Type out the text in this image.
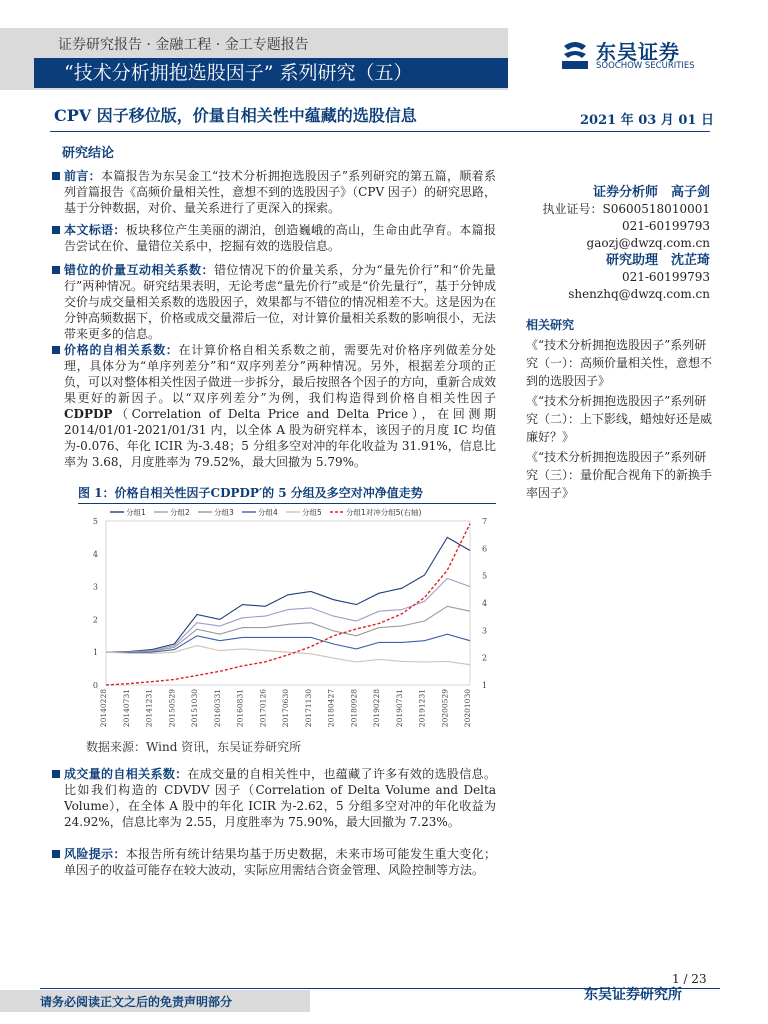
证券研究报告 · 金融工程 · 金工专题报告
“技术分析拥抱选股因子” 系列研究（五）
东吴证券
SOOCHOW SECURITIES
CPV 因子移位版，价量自相关性中蕴藏的选股信息	2021 年 03 月 01 日
研究结论
前言：本篇报告为东吴金工“技术分析拥抱选股因子”系列研究的第五篇，顺着系列首篇报告《高频价量相关性，意想不到的选股因子》（CPV 因子）的研究思路，基于分钟数据，对价、量关系进行了更深入的探索。
本文标语：板块移位产生美丽的湖泊，创造巍峨的高山，生命由此孕育。本篇报告尝试在价、量错位关系中，挖掘有效的选股信息。
错位的价量互动相关系数：错位情况下的价量关系，分为“量先价行”和“价先量行”两种情况。研究结果表明，无论考虑“量先价行”或是“价先量行”，基于分钟成交价与成交量相关系数的选股因子，效果都与不错位的情况相差不大。这是因为在分钟高频数据下，价格或成交量滞后一位，对计算价量相关系数的影响很小，无法带来更多的信息。
价格的自相关系数：在计算价格自相关系数之前，需要先对价格序列做差分处理，具体分为“单序列差分”和“双序列差分”两种情况。另外，根据差分项的正负，可以对整体相关性因子做进一步拆分，最后按照各个因子的方向，重新合成效果更好的新因子。以“双序列差分”为例，我们构造得到价格自相关性因子CDPDP（Correlation of Delta Price and Delta Price），在回测期 2014/01/01-2021/01/31 内，以全体 A 股为研究样本，该因子的月度 IC 均值为-0.076、年化 ICIR 为-3.48；5 分组多空对冲的年化收益为 31.91%，信息比率为 3.68，月度胜率为 79.52%，最大回撤为 5.79%。
图 1：价格自相关性因子CDPDP′的 5 分组及多空对冲净值走势
0
1
2
3
4
5
1
2
3
4
5
6
7
20140228 20140731 20141231 20150529 20151030 20160331 20160831 20170126 20170630 20171130 20180427 20180928 20190228 20190731 20191231 20200529 20201030
分组1	分组2	分组3	分组4	分组5	分组1对冲分组5(右轴)
数据来源：Wind 资讯，东吴证券研究所
成交量的自相关系数：在成交量的自相关性中，也蕴藏了许多有效的选股信息。比如我们构造的 CDVDV 因子（Correlation of Delta Volume and Delta Volume），在全体 A 股中的年化 ICIR 为-2.62，5 分组多空对冲的年化收益为 24.92%，信息比率为 2.55，月度胜率为 75.90%，最大回撤为 7.23%。
风险提示：本报告所有统计结果均基于历史数据，未来市场可能发生重大变化；单因子的收益可能存在较大波动，实际应用需结合资金管理、风险控制等方法。
证券分析师　高子剑
执业证号：S0600518010001
021-60199793
gaozj@dwzq.com.cn
研究助理　沈芷琦
021-60199793
shenzhq@dwzq.com.cn
相关研究
《“技术分析拥抱选股因子”系列研究（一）：高频价量相关性，意想不到的选股因子》
《“技术分析拥抱选股因子”系列研究（二）：上下影线，蜡烛好还是威廉好？》
《“技术分析拥抱选股因子”系列研究（三）：量价配合视角下的新换手率因子》
1 / 23
请务必阅读正文之后的免责声明部分	东吴证券研究所
